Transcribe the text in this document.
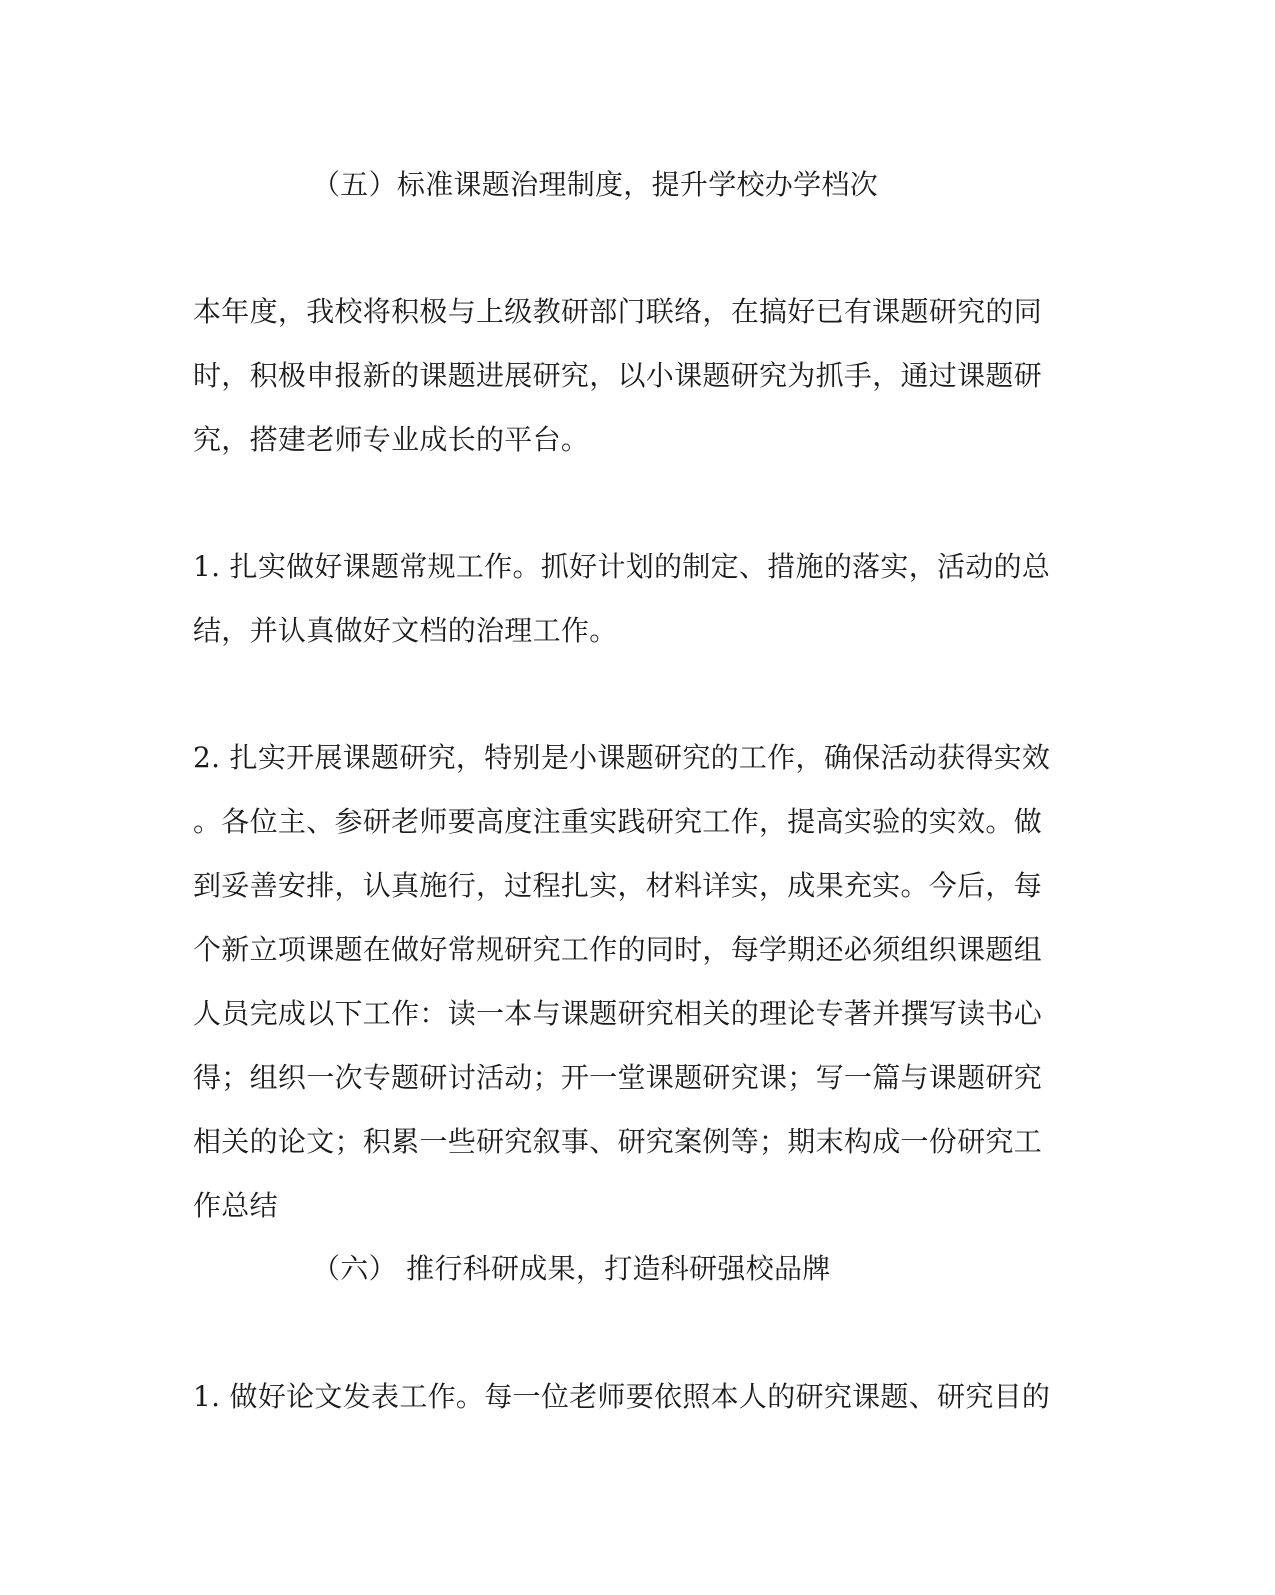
（五）标准课题治理制度，提升学校办学档次
本年度，我校将积极与上级教研部门联络，在搞好已有课题研究的同
时，积极申报新的课题进展研究，以小课题研究为抓手，通过课题研
究，搭建老师专业成长的平台。
1. 扎实做好课题常规工作。抓好计划的制定、措施的落实，活动的总
结，并认真做好文档的治理工作。
2. 扎实开展课题研究，特别是小课题研究的工作，确保活动获得实效
。各位主、参研老师要高度注重实践研究工作，提高实验的实效。做
到妥善安排，认真施行，过程扎实，材料详实，成果充实。今后，每
个新立项课题在做好常规研究工作的同时，每学期还必须组织课题组
人员完成以下工作：读一本与课题研究相关的理论专著并撰写读书心
得；组织一次专题研讨活动；开一堂课题研究课；写一篇与课题研究
相关的论文；积累一些研究叙事、研究案例等；期末构成一份研究工
作总结
（六） 推行科研成果，打造科研强校品牌
1. 做好论文发表工作。每一位老师要依照本人的研究课题、研究目的
